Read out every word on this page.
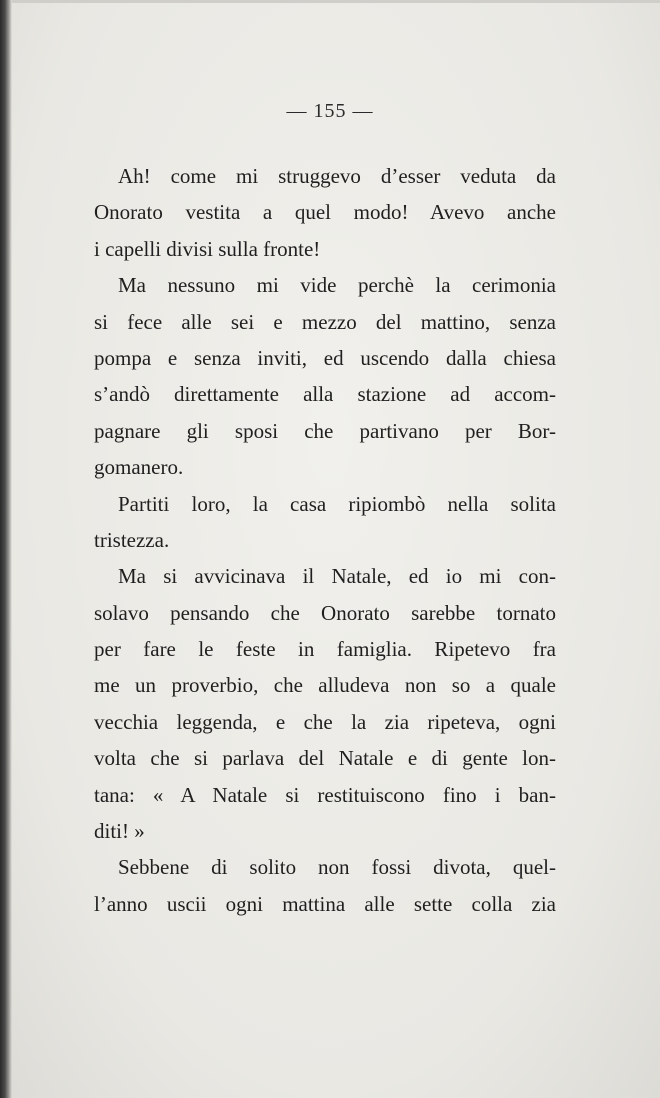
— 155 —
Ah! come mi struggevo d’esser veduta da
Onorato vestita a quel modo! Avevo anche
i capelli divisi sulla fronte!
Ma nessuno mi vide perchè la cerimonia
si fece alle sei e mezzo del mattino, senza
pompa e senza inviti, ed uscendo dalla chiesa
s’andò direttamente alla stazione ad accom-
pagnare gli sposi che partivano per Bor-
gomanero.
Partiti loro, la casa ripiombò nella solita
tristezza.
Ma si avvicinava il Natale, ed io mi con-
solavo pensando che Onorato sarebbe tornato
per fare le feste in famiglia. Ripetevo fra
me un proverbio, che alludeva non so a quale
vecchia leggenda, e che la zia ripeteva, ogni
volta che si parlava del Natale e di gente lon-
tana: « A Natale si restituiscono fino i ban-
diti! »
Sebbene di solito non fossi divota, quel-
l’anno uscii ogni mattina alle sette colla zia
